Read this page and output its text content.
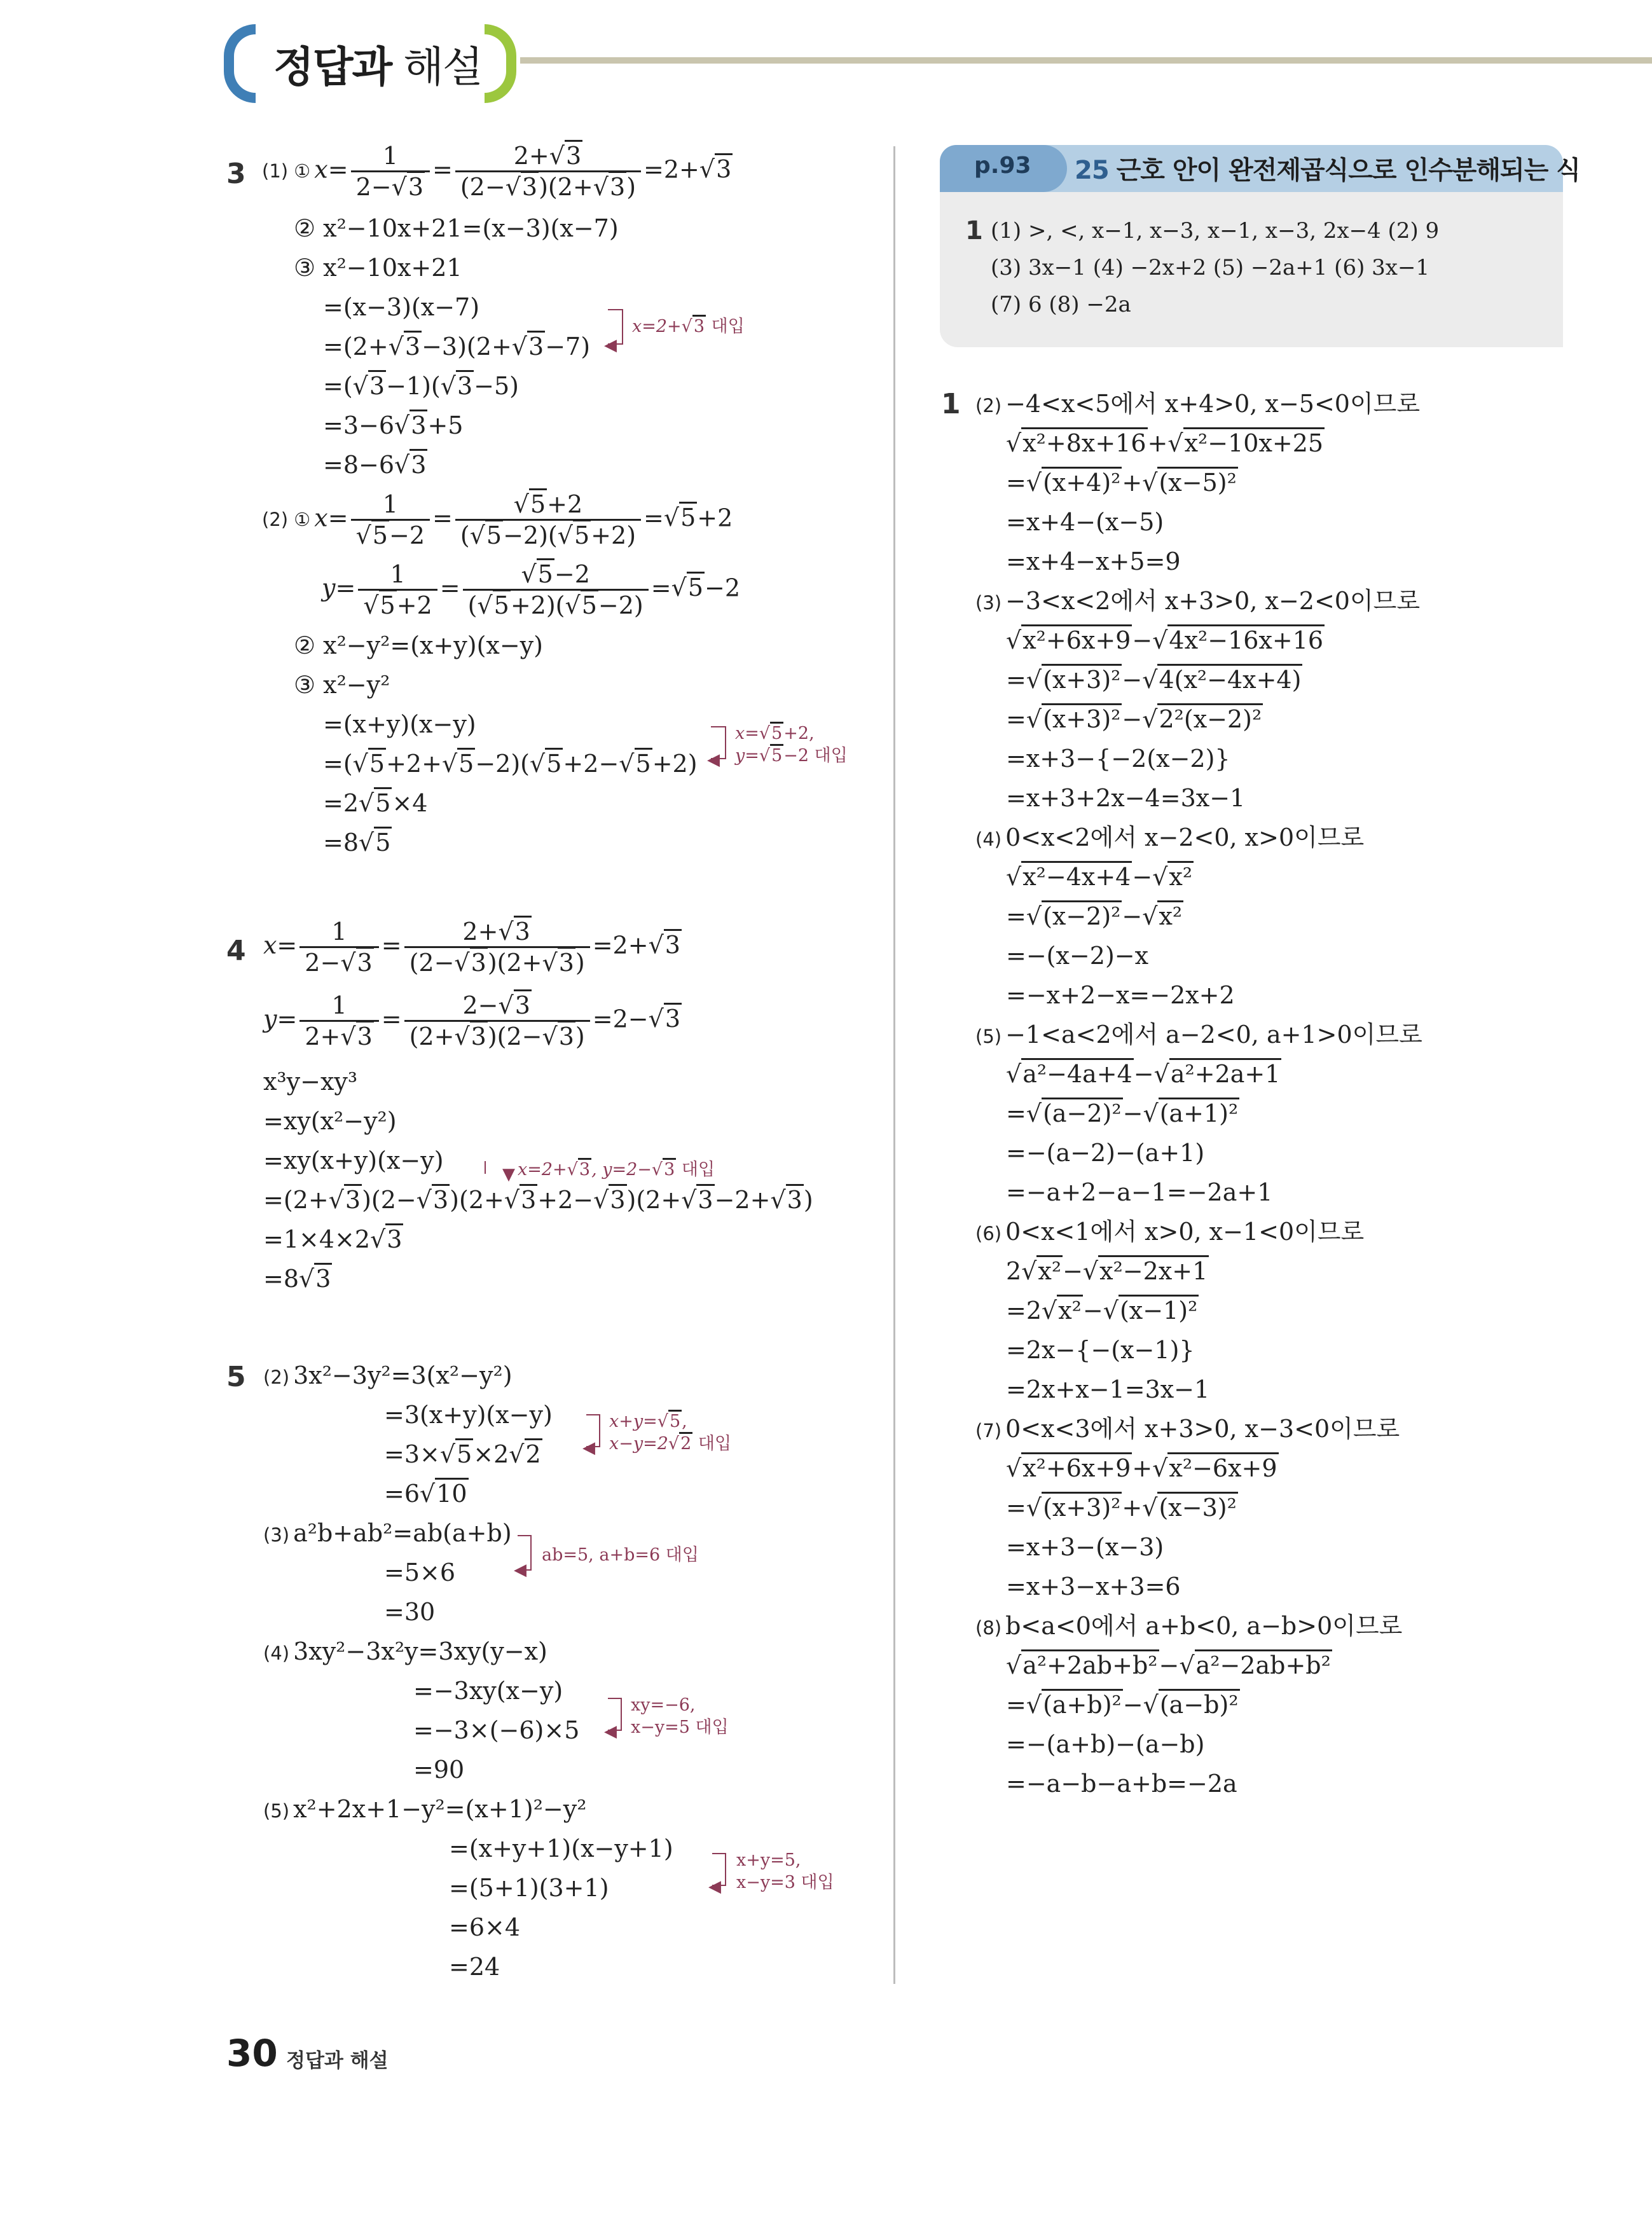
정답과 해설
3 (1) ① $x= \frac{1}{2-√ 3} = \frac{2+√ 3}{(2-√ 3)(2+√ 3)} =2+√$ 3
② x²−10x+21=(x−3)(x−7)
③ x²−10x+21
=(x−3)(x−7)
=(2+√ 3−3)(2+√ 3−7)
=(√ 3−1)(√ 3−5)
=3−6√ 3+5
=8−6√ 3
◀
x=2+√ 3 대입
(2) ① x= 1
√ 5−2 =
√ $\frac{5+2}{(√ 5-2)(√ 5+2)}$ =√ 5+2
y= 1
√ 5+2 =
√ $\frac{5-2}{(√ 5+2)(√ 5-2)}$ =√ 5−2
② x²−y²=(x+y)(x−y)
③ x²−y²
=(x+y)(x−y)
=(√ 5+2+√ 5−2)(√ 5+2−√ 5+2)
=2√ 5×4
=8√ 5
◀
x=√ 5+2,
y=√ 5−2 대입
4 $x= \frac{1}{2-√ 3} = \frac{2+√ 3}{(2-√ 3)(2+√ 3)} =2+√$ 3
$y= \frac{1}{2+√ 3} = \frac{2-√ 3}{(2+√ 3)(2-√ 3)} =2-√$ 3
x³y−xy³
=xy(x²−y²)
=xy(x+y)(x−y)
=(2+√ 3)(2−√ 3)(2+√ 3+2−√ 3)(2+√ 3−2+√ 3)
=1×4×2√ 3
=8√ 3
▼ x=2+√ 3, y=2−√ 3 대입
5 (2) 3x²−3y²=3(x²−y²)
=3(x+y)(x−y)
=3×√ 5×2√ 2
=6√ 10
◀
x+y=√ 5,
x−y=2√ 2 대입
(3) a²b+ab²=ab(a+b)
=5×6
=30
◀
ab=5, a+b=6 대입
(4) 3xy²−3x²y=3xy(y−x)
=−3xy(x−y)
=−3×(−6)×5
=90
◀
xy=−6,
x−y=5 대입
(5) x²+2x+1−y²=(x+1)²−y²
=(x+y+1)(x−y+1)
=(5+1)(3+1)
=6×4
=24
◀
x+y=5,
x−y=3 대입
p.93 25 근호 안이 완전제곱식으로 인수분해되는 식
1 (1) >, <, x−1, x−3, x−1, x−3, 2x−4 (2) 9
(3) 3x−1 (4) −2x+2 (5) −2a+1 (6) 3x−1
(7) 6 (8) −2a
1 (2) −4<x<5에서 x+4>0, x−5<0이므로
√ x²+8x+16+√ x²−10x+25
=√ (x+4)²+√ (x−5)²
=x+4−(x−5)
=x+4−x+5=9
(3) −3<x<2에서 x+3>0, x−2<0이므로
√ x²+6x+9−√ 4x²−16x+16
=√ (x+3)²−√ 4(x²−4x+4)
=√ (x+3)²−√ 2²(x−2)²
=x+3−{−2(x−2)}
=x+3+2x−4=3x−1
(4) 0<x<2에서 x−2<0, x>0이므로
√ x²−4x+4−√ x²
=√ (x−2)²−√ x²
=−(x−2)−x
=−x+2−x=−2x+2
(5) −1<a<2에서 a−2<0, a+1>0이므로
√ a²−4a+4−√ a²+2a+1
=√ (a−2)²−√ (a+1)²
=−(a−2)−(a+1)
=−a+2−a−1=−2a+1
(6) 0<x<1에서 x>0, x−1<0이므로
2√ x²−√ x²−2x+1
=2√ x²−√ (x−1)²
=2x−{−(x−1)}
=2x+x−1=3x−1
(7) 0<x<3에서 x+3>0, x−3<0이므로
√ x²+6x+9+√ x²−6x+9
=√ (x+3)²+√ (x−3)²
=x+3−(x−3)
=x+3−x+3=6
(8) b<a<0에서 a+b<0, a−b>0이므로
√ a²+2ab+b²−√ a²−2ab+b²
=√ (a+b)²−√ (a−b)²
=−(a+b)−(a−b)
=−a−b−a+b=−2a
30 정답과 해설
